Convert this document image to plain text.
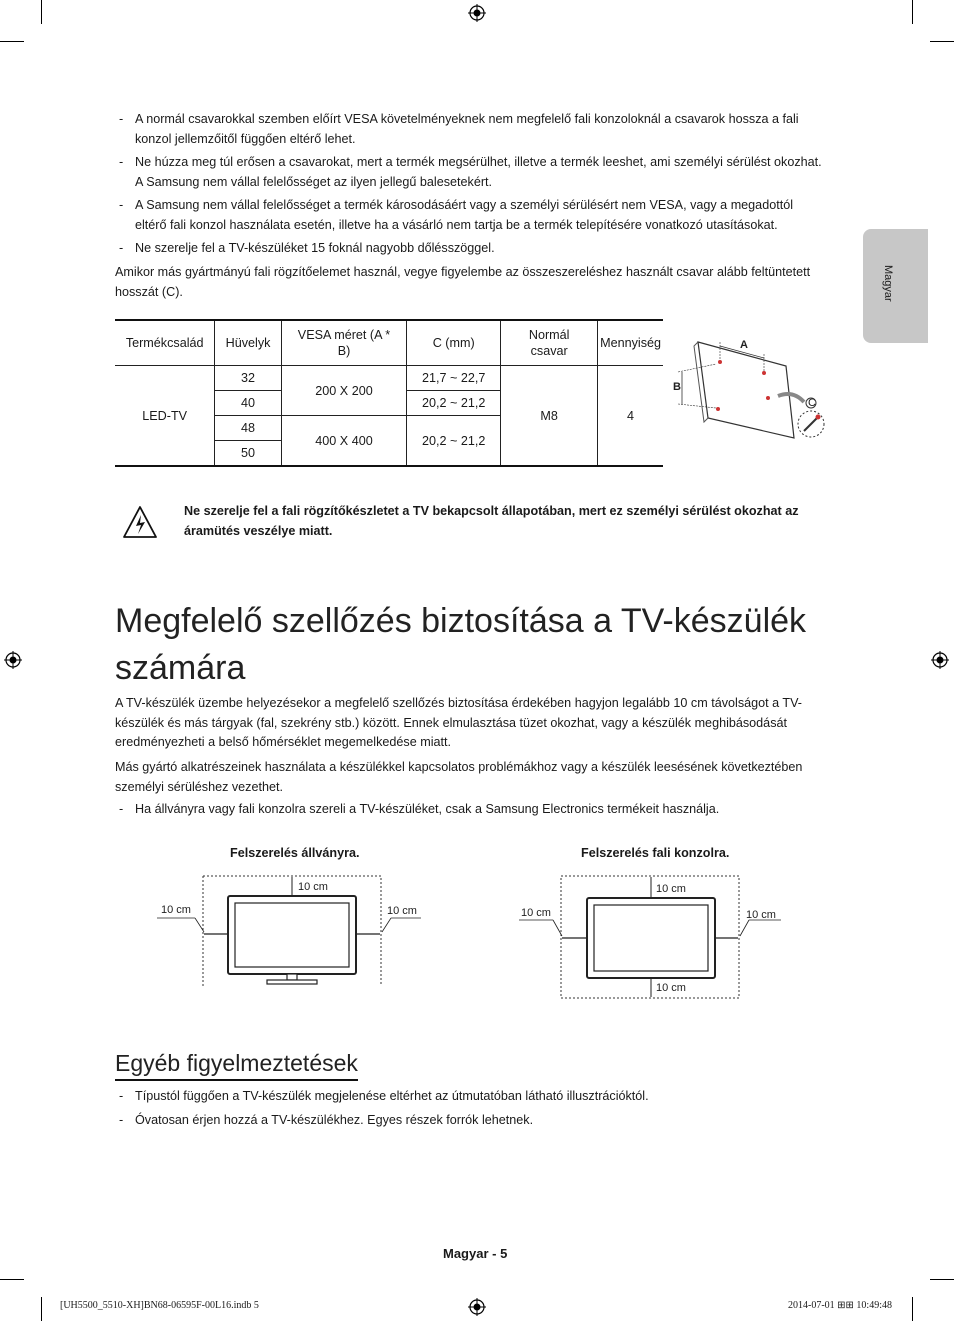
Magyar
- A normál csavarokkal szemben előírt VESA követelményeknek nem megfelelő fali konzoloknál a csavarok hossza a fali konzol jellemzőitől függően eltérő lehet.
- Ne húzza meg túl erősen a csavarokat, mert a termék megsérülhet, illetve a termék leeshet, ami személyi sérülést okozhat. A Samsung nem vállal felelősséget az ilyen jellegű balesetekért.
- A Samsung nem vállal felelősséget a termék károsodásáért vagy a személyi sérülésért nem VESA, vagy a megadottól eltérő fali konzol használata esetén, illetve ha a vásárló nem tartja be a termék telepítésére vonatkozó utasításokat.
- Ne szerelje fel a TV-készüléket 15 foknál nagyobb dőlésszöggel.
Amikor más gyártmányú fali rögzítőelemet használ, vegye figyelembe az összeszereléshez használt csavar alább feltüntetett hosszát (C).
Termékcsalád	Hüvelyk	VESA méret (A * B)	C (mm)	Normál csavar	Mennyiség
LED-TV	32	200 X 200	21,7 ~ 22,7	M8	4
	40		20,2 ~ 21,2		
	48	400 X 400	20,2 ~ 21,2		
	50				
A
B
C
Ne szerelje fel a fali rögzítőkészletet a TV bekapcsolt állapotában, mert ez személyi sérülést okozhat az áramütés veszélye miatt.
Megfelelő szellőzés biztosítása a TV-készülék számára
A TV-készülék üzembe helyezésekor a megfelelő szellőzés biztosítása érdekében hagyjon legalább 10 cm távolságot a TV-készülék és más tárgyak (fal, szekrény stb.) között. Ennek elmulasztása tüzet okozhat, vagy a készülék meghibásodását eredményezheti a belső hőmérséklet megemelkedése miatt.
Más gyártó alkatrészeinek használata a készülékkel kapcsolatos problémákhoz vagy a készülék leesésének következtében személyi sérüléshez vezethet.
- Ha állványra vagy fali konzolra szereli a TV-készüléket, csak a Samsung Electronics termékeit használja.
Felszerelés állványra.
10 cm
10 cm	10 cm
Felszerelés fali konzolra.
10 cm
10 cm	10 cm
10 cm
Egyéb figyelmeztetések
- Típustól függően a TV-készülék megjelenése eltérhet az útmutatóban látható illusztrációktól.
- Óvatosan érjen hozzá a TV-készülékhez. Egyes részek forrók lehetnek.
Magyar - 5
[UH5500_5510-XH]BN68-06595F-00L16.indb 5	2014-07-01 ⊞⊞ 10:49:48
